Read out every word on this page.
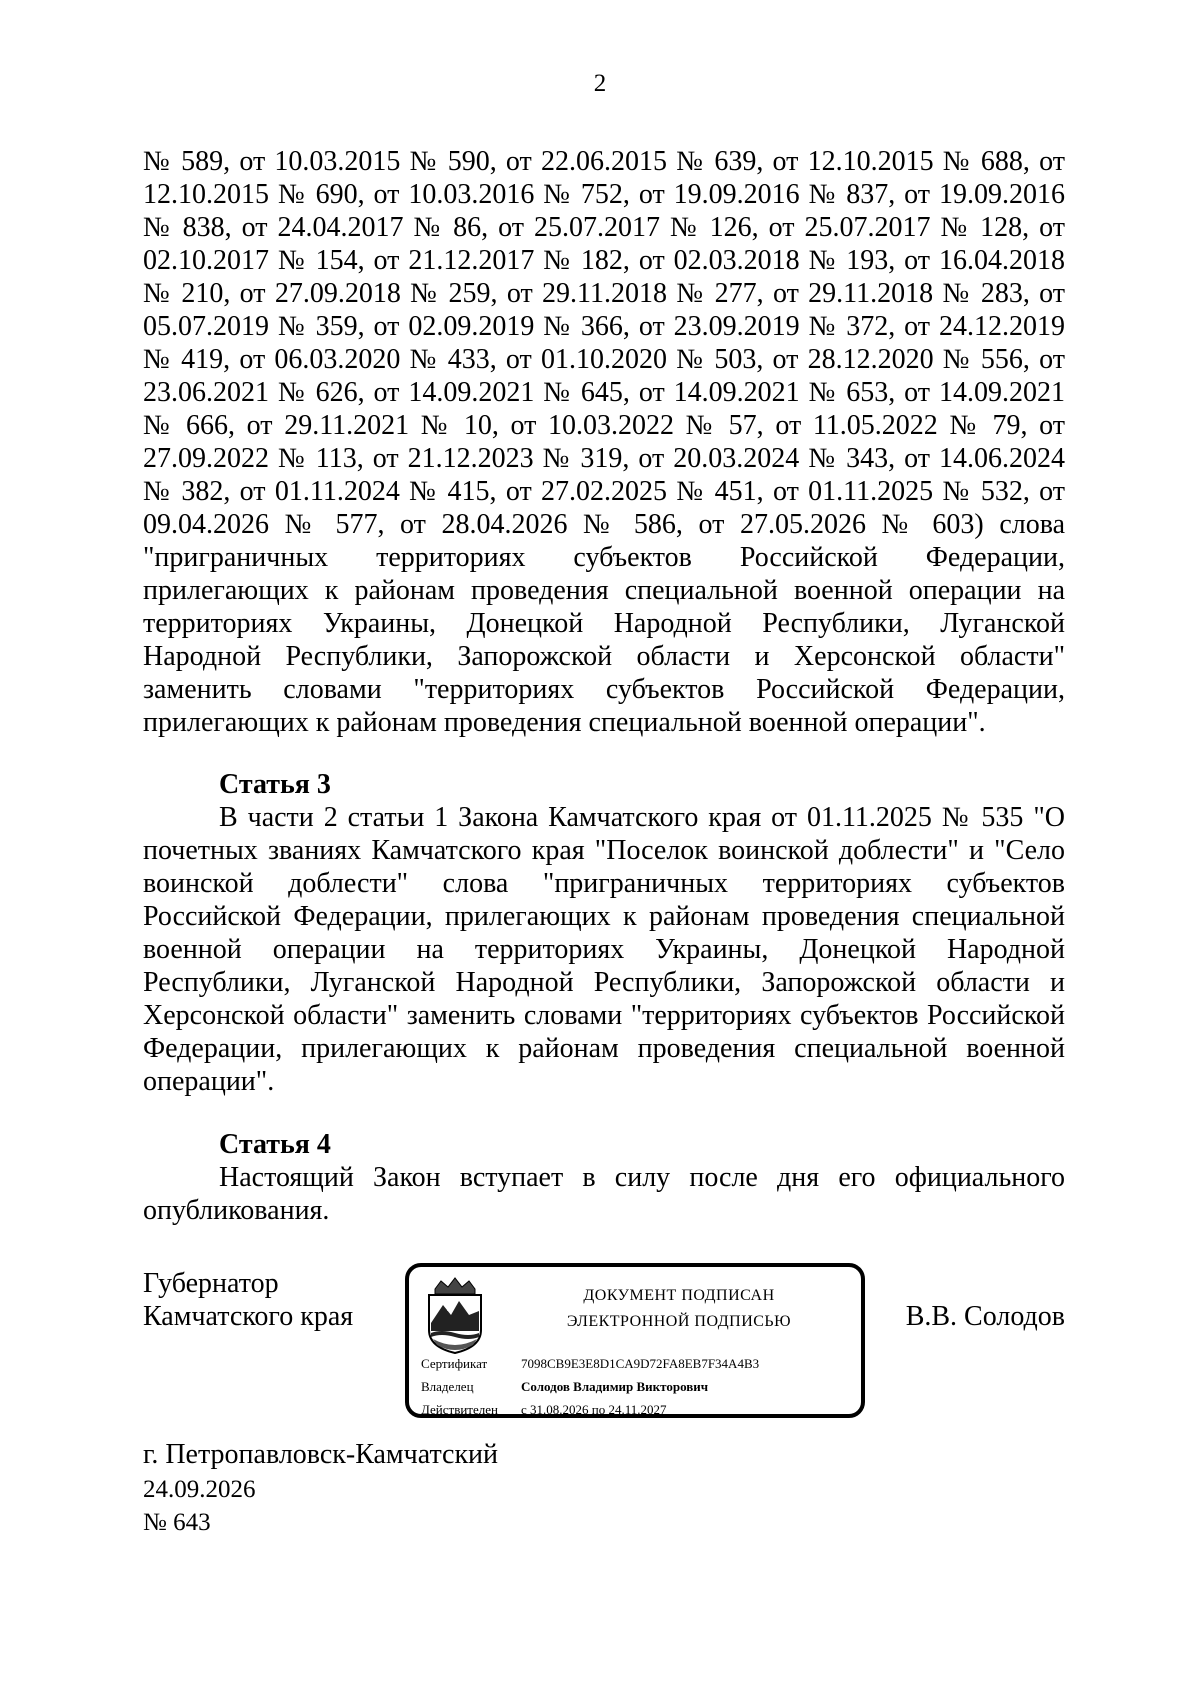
2

№ 589, от 10.03.2015 № 590, от 22.06.2015 № 639, от 12.10.2015 № 688, от 12.10.2015 № 690, от 10.03.2016 № 752, от 19.09.2016 № 837, от 19.09.2016 № 838, от 24.04.2017 № 86, от 25.07.2017 № 126, от 25.07.2017 № 128, от 02.10.2017 № 154, от 21.12.2017 № 182, от 02.03.2018 № 193, от 16.04.2018 № 210, от 27.09.2018 № 259, от 29.11.2018 № 277, от 29.11.2018 № 283, от 05.07.2019 № 359, от 02.09.2019 № 366, от 23.09.2019 № 372, от 24.12.2019 № 419, от 06.03.2020 № 433, от 01.10.2020 № 503, от 28.12.2020 № 556, от 23.06.2021 № 626, от 14.09.2021 № 645, от 14.09.2021 № 653, от 14.09.2021 № 666, от 29.11.2021 № 10, от 10.03.2022 № 57, от 11.05.2022 № 79, от 27.09.2022 № 113, от 21.12.2023 № 319, от 20.03.2024 № 343, от 14.06.2024 № 382, от 01.11.2024 № 415, от 27.02.2025 № 451, от 01.11.2025 № 532, от 09.04.2026 № 577, от 28.04.2026 № 586, от 27.05.2026 № 603) слова "приграничных территориях субъектов Российской Федерации, прилегающих к районам проведения специальной военной операции на территориях Украины, Донецкой Народной Республики, Луганской Народной Республики, Запорожской области и Херсонской области" заменить словами "территориях субъектов Российской Федерации, прилегающих к районам проведения специальной военной операции".

Статья 3

В части 2 статьи 1 Закона Камчатского края от 01.11.2025 № 535 "О почетных званиях Камчатского края "Поселок воинской доблести" и "Село воинской доблести" слова "приграничных территориях субъектов Российской Федерации, прилегающих к районам проведения специальной военной операции на территориях Украины, Донецкой Народной Республики, Луганской Народной Республики, Запорожской области и Херсонской области" заменить словами "территориях субъектов Российской Федерации, прилегающих к районам проведения специальной военной операции".

Статья 4

Настоящий Закон вступает в силу после дня его официального опубликования.

Губернатор
Камчатского края
ДОКУМЕНТ ПОДПИСАН
ЭЛЕКТРОННОЙ ПОДПИСЬЮ
Сертификат	7098CB9E3E8D1CA9D72FA8EB7F34A4B3
Владелец	Солодов Владимир Викторович
Действителен с 31.08.2026 по 24.11.2027
В.В. Солодов
г. Петропавловск-Камчатский
24.09.2026
№ 643
